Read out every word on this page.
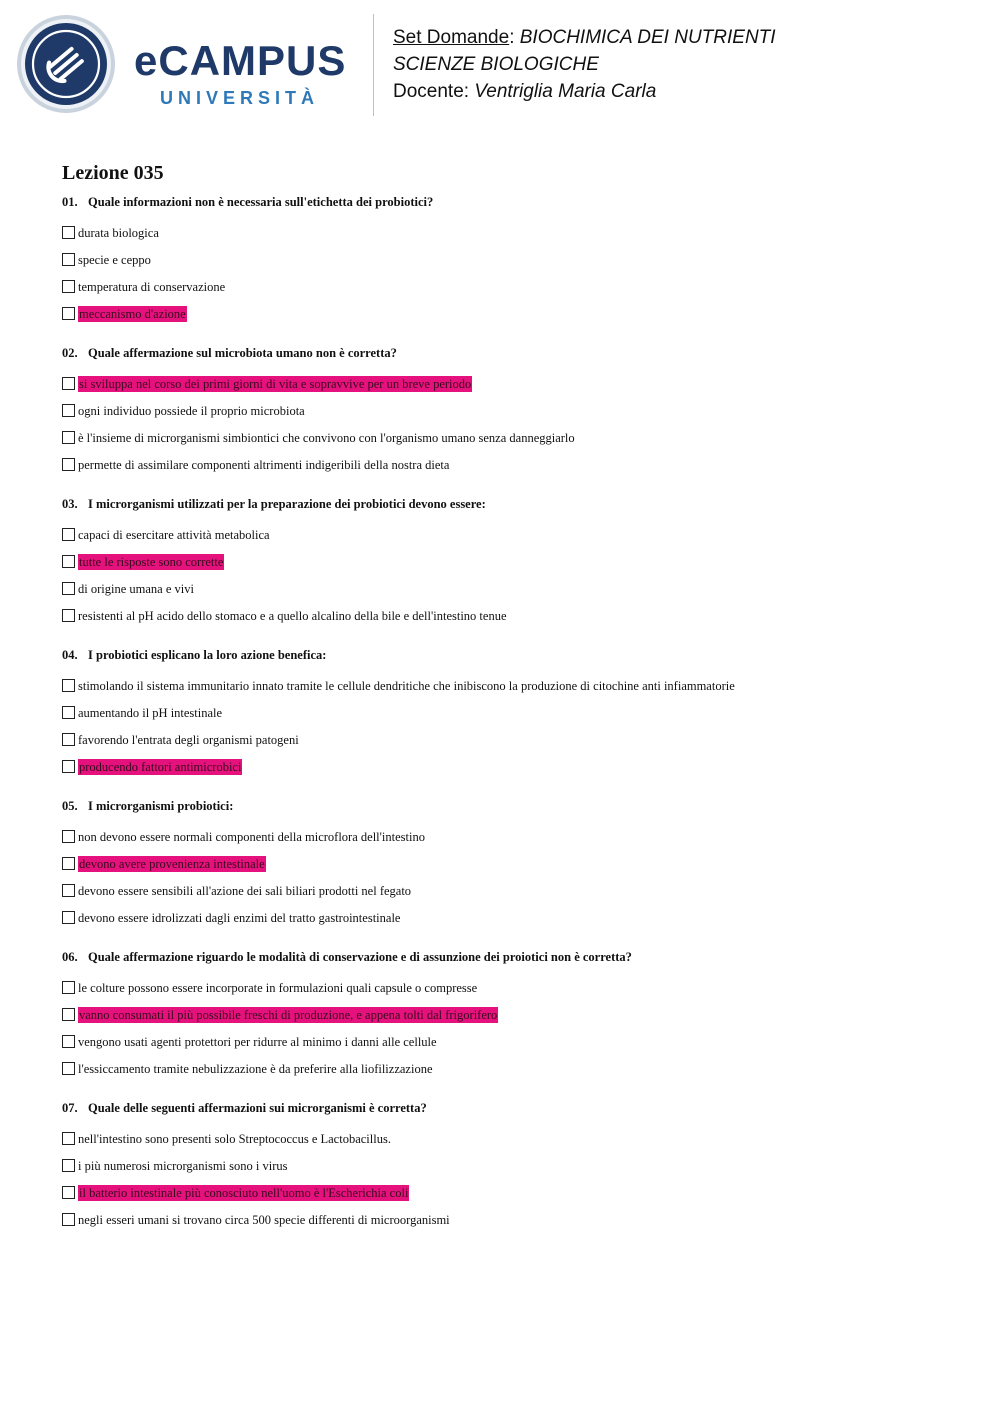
eCAMPUS
UNIVERSITÀ
Set Domande: BIOCHIMICA DEI NUTRIENTI
SCIENZE BIOLOGICHE
Docente: Ventriglia Maria Carla
Lezione 035
01. Quale informazioni non è necessaria sull'etichetta dei probiotici?
durata biologica
specie e ceppo
temperatura di conservazione
meccanismo d'azione
02. Quale affermazione sul microbiota umano non è corretta?
si sviluppa nel corso dei primi giorni di vita e sopravvive per un breve periodo
ogni individuo possiede il proprio microbiota
è l'insieme di microrganismi simbiontici che convivono con l'organismo umano senza danneggiarlo
permette di assimilare componenti altrimenti indigeribili della nostra dieta
03. I microrganismi utilizzati per la preparazione dei probiotici devono essere:
capaci di esercitare attività metabolica
tutte le risposte sono corrette
di origine umana e vivi
resistenti al pH acido dello stomaco e a quello alcalino della bile e dell'intestino tenue
04. I probiotici esplicano la loro azione benefica:
stimolando il sistema immunitario innato tramite le cellule dendritiche che inibiscono la produzione di citochine anti infiammatorie
aumentando il pH intestinale
favorendo l'entrata degli organismi patogeni
producendo fattori antimicrobici
05. I microrganismi probiotici:
non devono essere normali componenti della microflora dell'intestino
devono avere provenienza intestinale
devono essere sensibili all'azione dei sali biliari prodotti nel fegato
devono essere idrolizzati dagli enzimi del tratto gastrointestinale
06. Quale affermazione riguardo le modalità di conservazione e di assunzione dei proiotici non è corretta?
le colture possono essere incorporate in formulazioni quali capsule o compresse
vanno consumati il più possibile freschi di produzione, e appena tolti dal frigorifero
vengono usati agenti protettori per ridurre al minimo i danni alle cellule
l'essiccamento tramite nebulizzazione è da preferire alla liofilizzazione
07. Quale delle seguenti affermazioni sui microrganismi è corretta?
nell'intestino sono presenti solo Streptococcus e Lactobacillus.
i più numerosi microrganismi sono i virus
il batterio intestinale più conosciuto nell'uomo è l'Escherichia coli
negli esseri umani si trovano circa 500 specie differenti di microorganismi
